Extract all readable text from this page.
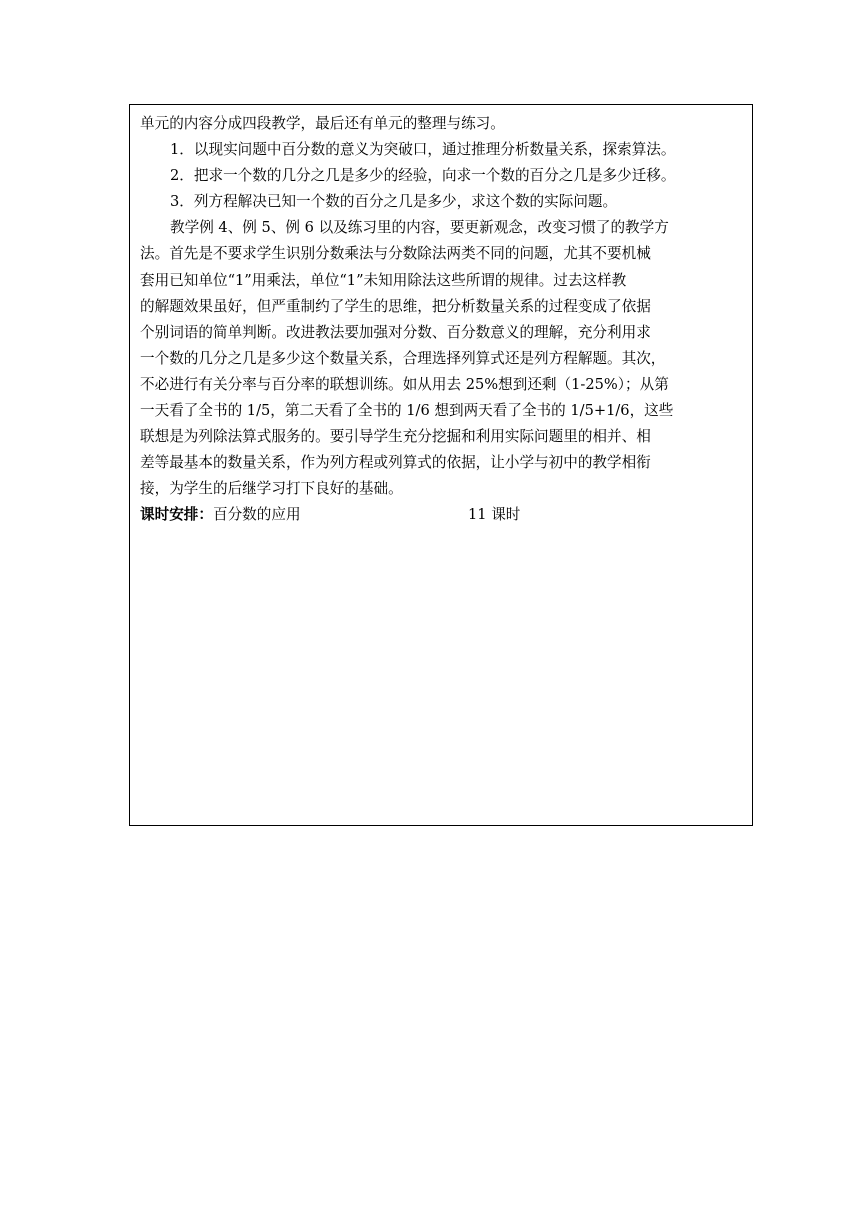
单元的内容分成四段教学，最后还有单元的整理与练习。

1．以现实问题中百分数的意义为突破口，通过推理分析数量关系，探索算法。

2．把求一个数的几分之几是多少的经验，向求一个数的百分之几是多少迁移。

3．列方程解决已知一个数的百分之几是多少，求这个数的实际问题。

教学例 4、例 5、例 6 以及练习里的内容，要更新观念，改变习惯了的教学方
法。首先是不要求学生识别分数乘法与分数除法两类不同的问题，尤其不要机械
套用已知单位“1”用乘法，单位“1”未知用除法这些所谓的规律。过去这样教
的解题效果虽好，但严重制约了学生的思维，把分析数量关系的过程变成了依据
个别词语的简单判断。改进教法要加强对分数、百分数意义的理解，充分利用求
一个数的几分之几是多少这个数量关系，合理选择列算式还是列方程解题。其次，
不必进行有关分率与百分率的联想训练。如从用去 25%想到还剩（1-25%）；从第
一天看了全书的 1/5，第二天看了全书的 1/6 想到两天看了全书的 1/5+1/6，这些
联想是为列除法算式服务的。要引导学生充分挖掘和利用实际问题里的相并、相
差等最基本的数量关系，作为列方程或列算式的依据，让小学与初中的教学相衔
接，为学生的后继学习打下良好的基础。

课时安排：百分数的应用	11 课时
